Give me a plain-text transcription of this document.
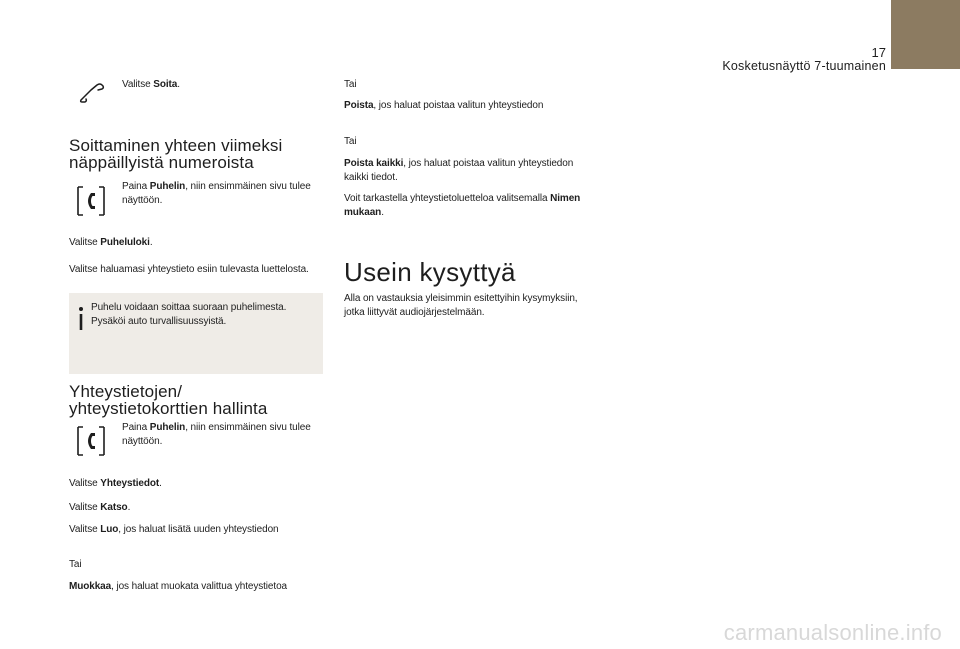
17
Kosketusnäyttö 7-tuumainen
Valitse Soita.
Soittaminen yhteen viimeksi
näppäillyistä numeroista
Paina Puhelin, niin ensimmäinen sivu tulee
näyttöön.
Valitse Puheluloki.
Valitse haluamasi yhteystieto esiin tulevasta luettelosta.
Puhelu voidaan soittaa suoraan puhelimesta.
Pysäköi auto turvallisuussyistä.
Yhteystietojen/
yhteystietokorttien hallinta
Paina Puhelin, niin ensimmäinen sivu tulee
näyttöön.
Valitse Yhteystiedot.
Valitse Katso.
Valitse Luo, jos haluat lisätä uuden yhteystiedon
Tai
Muokkaa, jos haluat muokata valittua yhteystietoa
Tai
Poista, jos haluat poistaa valitun yhteystiedon
Tai
Poista kaikki, jos haluat poistaa valitun yhteystiedon
kaikki tiedot.
Voit tarkastella yhteystietoluetteloa valitsemalla Nimen
mukaan.
Usein kysyttyä
Alla on vastauksia yleisimmin esitettyihin kysymyksiin,
jotka liittyvät audiojärjestelmään.
carmanualsonline.info
